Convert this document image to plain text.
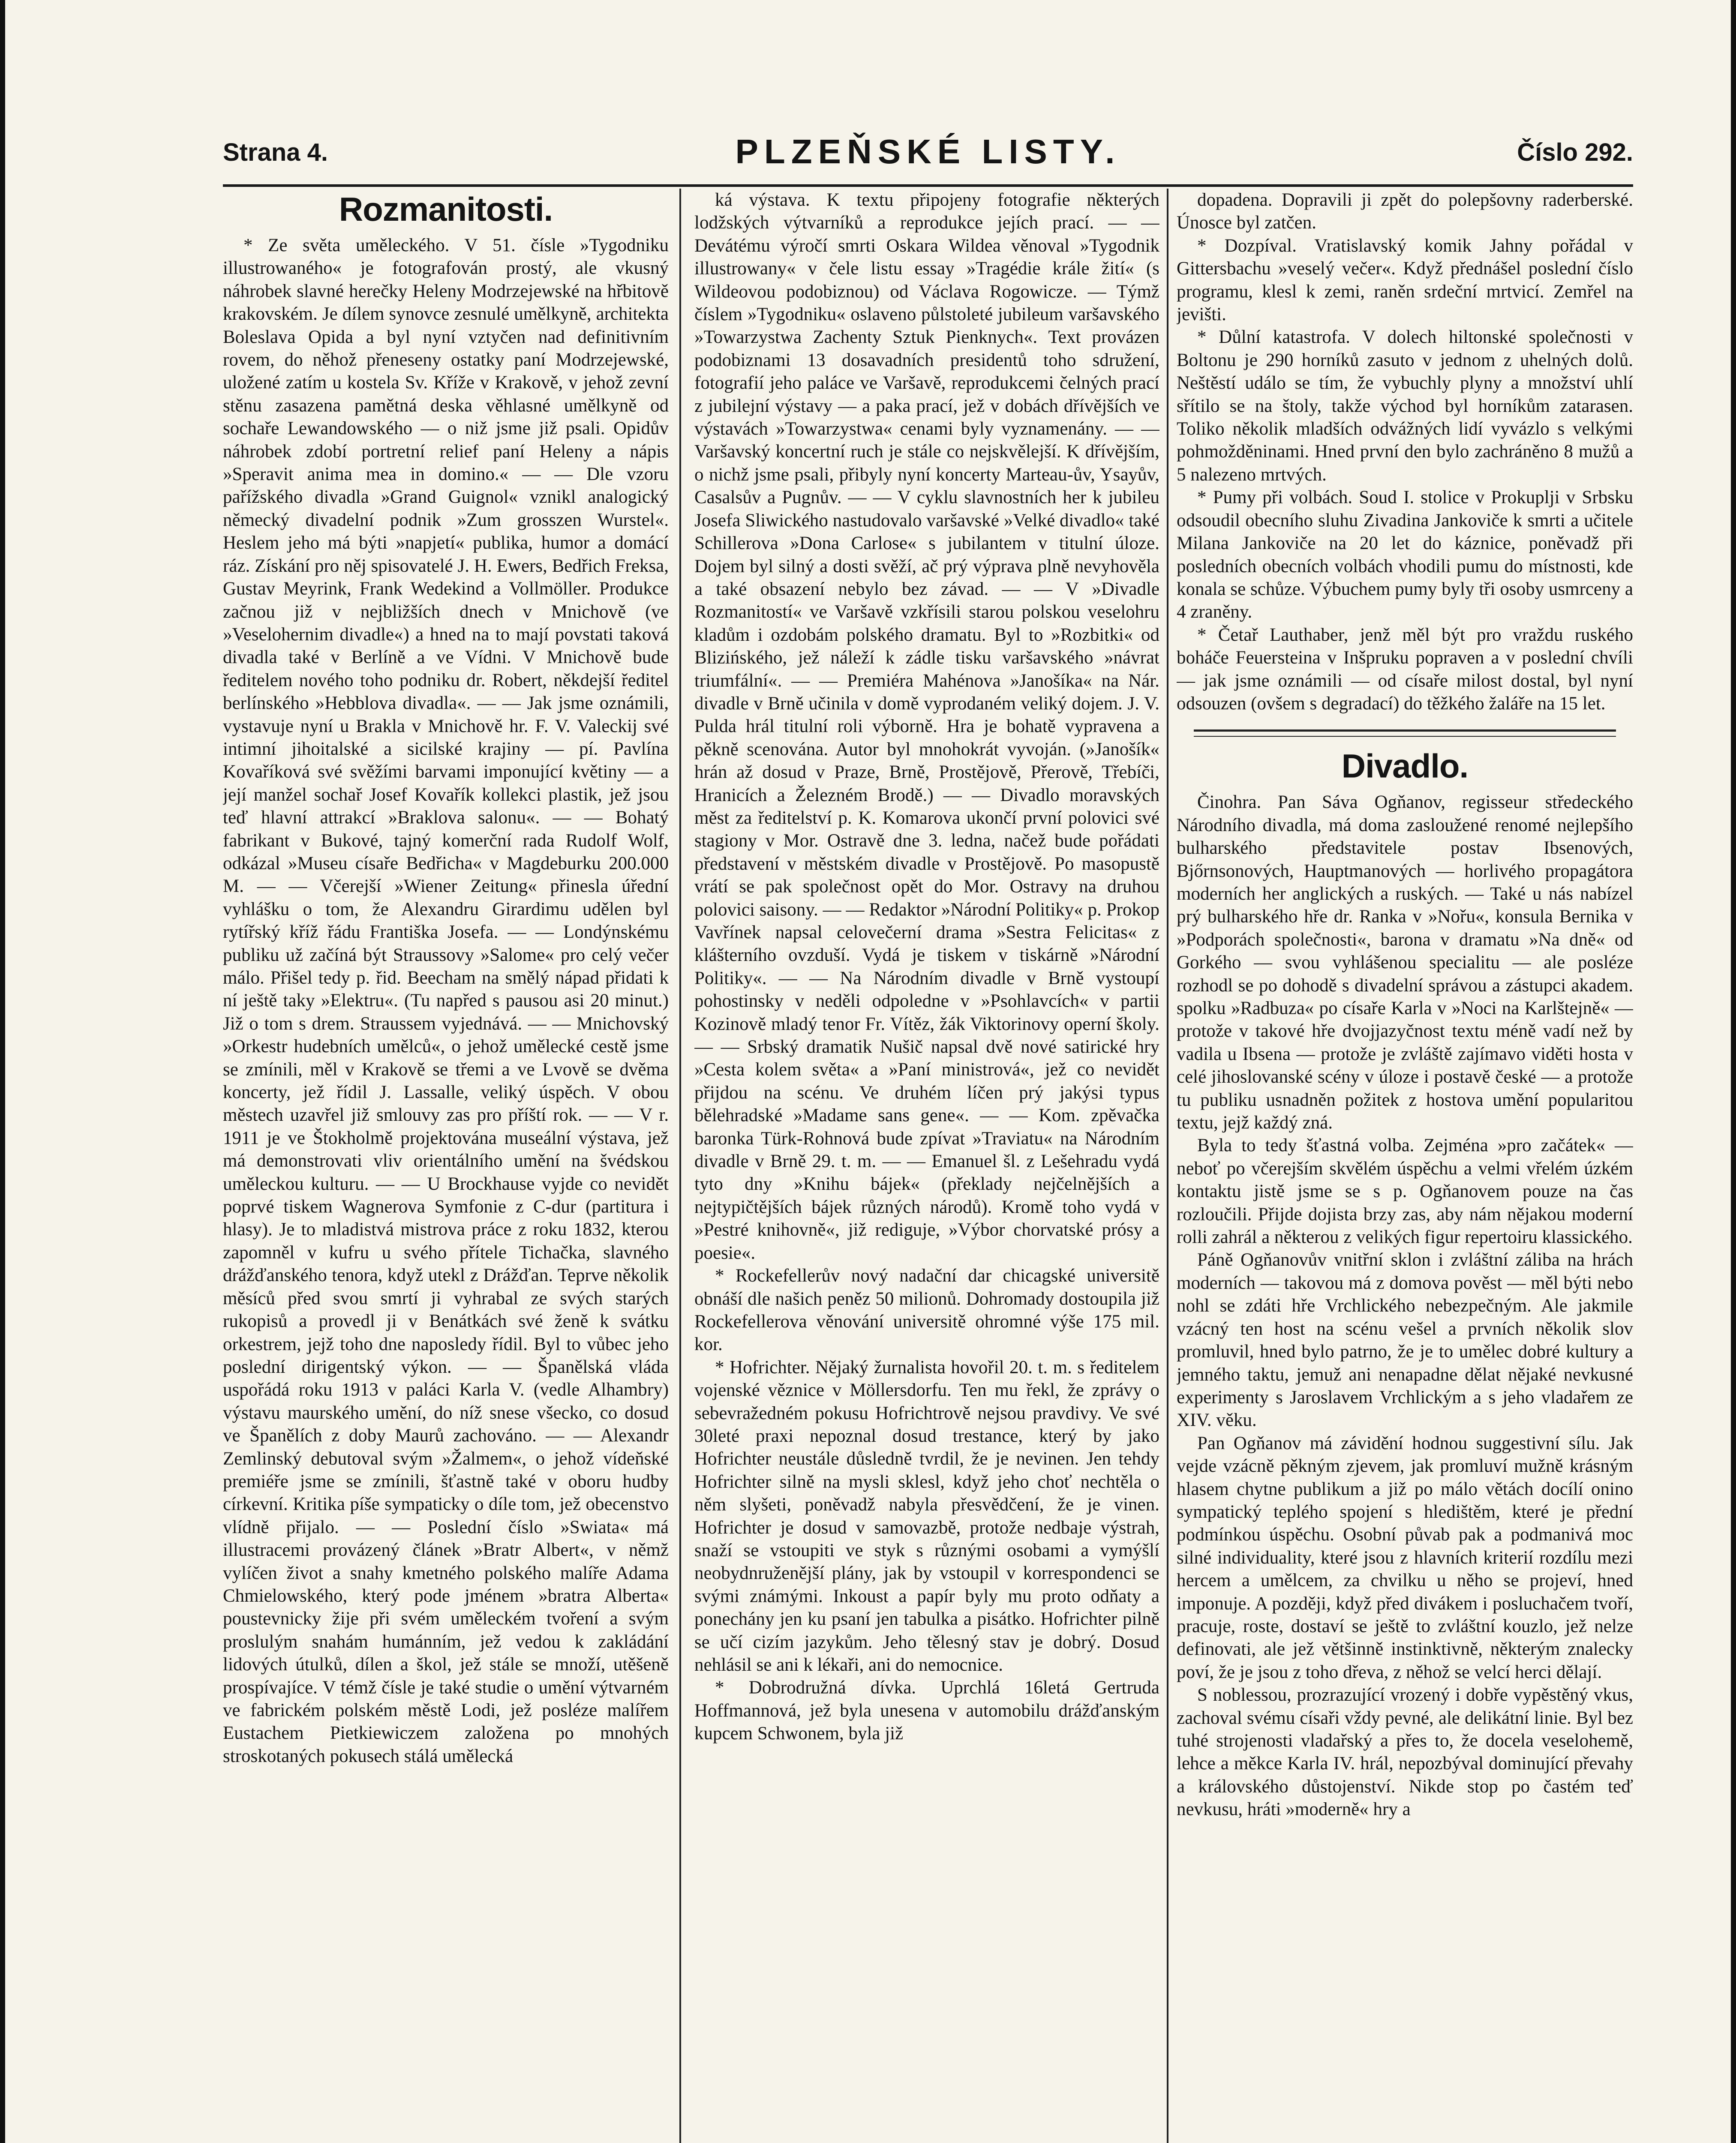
Strana 4.	PLZEŇSKÉ LISTY.	Číslo 292.
Rozmanitosti.

* Ze světa uměleckého. V 51. čísle »Tygodniku illustrowaného« je fotografován prostý, ale vkusný náhrobek slavné herečky Heleny Modrzejewské na hřbitově krakovském. Je dílem synovce zesnulé umělkyně, architekta Boleslava Opida a byl nyní vztyčen nad definitivním rovem, do něhož přeneseny ostatky paní Modrzejewské, uložené zatím u kostela Sv. Kříže v Krakově, v jehož zevní stěnu zasazena pamětná deska věhlasné umělkyně od sochaře Lewandowského — o niž jsme již psali. Opidův náhrobek zdobí portretní relief paní Heleny a nápis »Speravit anima mea in domino.« — — Dle vzoru pařížského divadla »Grand Guignol« vznikl analogický německý divadelní podnik »Zum grosszen Wurstel«. Heslem jeho má býti »napjetí« publika, humor a domácí ráz. Získání pro něj spisovatelé J. H. Ewers, Bedřich Freksa, Gustav Meyrink, Frank Wedekind a Vollmöller. Produkce začnou již v nejbližších dnech v Mnichově (ve »Veselohernim divadle«) a hned na to mají povstati taková divadla také v Berlíně a ve Vídni. V Mnichově bude ředitelem nového toho podniku dr. Robert, někdejší ředitel berlínského »Hebblova divadla«. — — Jak jsme oznámili, vystavuje nyní u Brakla v Mnichově hr. F. V. Valeckij své intimní jihoitalské a sicilské krajiny — pí. Pavlína Kovaříková své svěžími barvami imponující květiny — a její manžel sochař Josef Kovařík kollekci plastik, jež jsou teď hlavní attrakcí »Braklova salonu«. — — Bohatý fabrikant v Bukové, tajný komerční rada Rudolf Wolf, odkázal »Museu císaře Bedřicha« v Magdeburku 200.000 M. — — Včerejší »Wiener Zeitung« přinesla úřední vyhlášku o tom, že Alexandru Girardimu udělen byl rytířský kříž řádu Františka Josefa. — — Londýnskému publiku už začíná být Straussovy »Salome« pro celý večer málo. Přišel tedy p. řid. Beecham na smělý nápad přidati k ní ještě taky »Elektru«. (Tu napřed s pausou asi 20 minut.) Již o tom s drem. Straussem vyjednává. — — Mnichovský »Orkestr hudebních umělců«, o jehož umělecké cestě jsme se zmínili, měl v Krakově se třemi a ve Lvově se dvěma koncerty, jež řídil J. Lassalle, veliký úspěch. V obou městech uzavřel již smlouvy zas pro příští rok. — — V r. 1911 je ve Štokholmě projektována museální výstava, jež má demonstrovati vliv orientálního umění na švédskou uměleckou kulturu. — — U Brockhause vyjde co nevidět poprvé tiskem Wagnerova Symfonie z C-dur (partitura i hlasy). Je to mladistvá mistrova práce z roku 1832, kterou zapomněl v kufru u svého přítele Tichačka, slavného drážďanského tenora, když utekl z Drážďan. Teprve několik měsíců před svou smrtí ji vyhrabal ze svých starých rukopisů a provedl ji v Benátkách své ženě k svátku orkestrem, jejž toho dne naposledy řídil. Byl to vůbec jeho poslední dirigentský výkon. — — Španělská vláda uspořádá roku 1913 v paláci Karla V. (vedle Alhambry) výstavu maurského umění, do níž snese všecko, co dosud ve Španělích z doby Maurů zachováno. — — Alexandr Zemlinský debutoval svým »Žalmem«, o jehož vídeňské premiéře jsme se zmínili, šťastně také v oboru hudby církevní. Kritika píše sympaticky o díle tom, jež obecenstvo vlídně přijalo. — — Poslední číslo »Swiata« má illustracemi provázený článek »Bratr Albert«, v němž vylíčen život a snahy kmetného polského malíře Adama Chmielowského, který pode jménem »bratra Alberta« poustevnicky žije při svém uměleckém tvoření a svým proslulým snahám humánním, jež vedou k zakládání lidových útulků, dílen a škol, jež stále se množí, utěšeně prospívajíce. V témž čísle je také studie o umění výtvarném ve fabrickém polském městě Lodi, jež posléze malířem Eustachem Pietkiewiczem založena po mnohých stroskotaných pokusech stálá umělecká

ká výstava. K textu připojeny fotografie některých lodžských výtvarníků a reprodukce jejích prací. — — Devátému výročí smrti Oskara Wildea věnoval »Tygodnik illustrowany« v čele listu essay »Tragédie krále žití« (s Wildeovou podobiznou) od Václava Rogowicze. — Týmž číslem »Tygodniku« oslaveno půlstoleté jubileum varšavského »Towarzystwa Zachenty Sztuk Pienknych«. Text provázen podobiznami 13 dosavadních presidentů toho sdružení, fotografií jeho paláce ve Varšavě, reprodukcemi čelných prací z jubilejní výstavy — a paka prací, jež v dobách dřívějších ve výstavách »Towarzystwa« cenami byly vyznamenány. — — Varšavský koncertní ruch je stále co nejskvělejší. K dřívějším, o nichž jsme psali, přibyly nyní koncerty Marteau-ův, Ysayův, Casalsův a Pugnův. — — V cyklu slavnostních her k jubileu Josefa Sliwického nastudovalo varšavské »Velké divadlo« také Schillerova »Dona Carlose« s jubilantem v titulní úloze. Dojem byl silný a dosti svěží, ač prý výprava plně nevyhověla a také obsazení nebylo bez závad. — — V »Divadle Rozmanitostí« ve Varšavě vzkřísili starou polskou veselohru kladům i ozdobám polského dramatu. Byl to »Rozbitki« od Blizińského, jež náleží k zádle tisku varšavského »návrat triumfální«. — — Premiéra Mahénova »Janošíka« na Nár. divadle v Brně učinila v domě vyprodaném veliký dojem. J. V. Pulda hrál titulní roli výborně. Hra je bohatě vypravena a pěkně scenována. Autor byl mnohokrát vyvoján. (»Janošík« hrán až dosud v Praze, Brně, Prostějově, Přerově, Třebíči, Hranicích a Železném Brodě.) — — Divadlo moravských měst za ředitelství p. K. Komarova ukončí první polovici své stagiony v Mor. Ostravě dne 3. ledna, načež bude pořádati představení v městském divadle v Prostějově. Po masopustě vrátí se pak společnost opět do Mor. Ostravy na druhou polovici saisony. — — Redaktor »Národní Politiky« p. Prokop Vavřínek napsal celovečerní drama »Sestra Felicitas« z klášterního ovzduší. Vydá je tiskem v tiskárně »Národní Politiky«. — — Na Národním divadle v Brně vystoupí pohostinsky v neděli odpoledne v »Psohlavcích« v partii Kozinově mladý tenor Fr. Vítěz, žák Viktorinovy operní školy. — — Srbský dramatik Nušič napsal dvě nové satirické hry »Cesta kolem světa« a »Paní ministrová«, jež co nevidět přijdou na scénu. Ve druhém líčen prý jakýsi typus bělehradské »Madame sans gene«. — — Kom. zpěvačka baronka Türk-Rohnová bude zpívat »Traviatu« na Národním divadle v Brně 29. t. m. — — Emanuel šl. z Lešehradu vydá tyto dny »Knihu bájek« (překlady nejčelnějších a nejtypičtějších bájek různých národů). Kromě toho vydá v »Pestré knihovně«, již rediguje, »Výbor chorvatské prósy a poesie«.

* Rockefellerův nový nadační dar chicagské universitě obnáší dle našich peněz 50 milionů. Dohromady dostoupila již Rockefellerova věnování universitě ohromné výše 175 mil. kor.

* Hofrichter. Nějaký žurnalista hovořil 20. t. m. s ředitelem vojenské věznice v Möllersdorfu. Ten mu řekl, že zprávy o sebevražedném pokusu Hofrichtrově nejsou pravdivy. Ve své 30leté praxi nepoznal dosud trestance, který by jako Hofrichter neustále důsledně tvrdil, že je nevinen. Jen tehdy Hofrichter silně na mysli sklesl, když jeho choť nechtěla o něm slyšeti, poněvadž nabyla přesvědčení, že je vinen. Hofrichter je dosud v samovazbě, protože nedbaje výstrah, snaží se vstoupiti ve styk s různými osobami a vymýšlí neobydnruženější plány, jak by vstoupil v korrespondenci se svými známými. Inkoust a papír byly mu proto odňaty a ponechány jen ku psaní jen tabulka a pisátko. Hofrichter pilně se učí cizím jazykům. Jeho tělesný stav je dobrý. Dosud nehlásil se ani k lékaři, ani do nemocnice.

* Dobrodružná dívka. Uprchlá 16letá Gertruda Hoffmannová, jež byla unesena v automobilu drážďanským kupcem Schwonem, byla již

dopadena. Dopravili ji zpět do polepšovny raderberské. Únosce byl zatčen.

* Dozpíval. Vratislavský komik Jahny pořádal v Gittersbachu »veselý večer«. Když přednášel poslední číslo programu, klesl k zemi, raněn srdeční mrtvicí. Zemřel na jevišti.

* Důlní katastrofa. V dolech hiltonské společnosti v Boltonu je 290 horníků zasuto v jednom z uhelných dolů. Neštěstí událo se tím, že vybuchly plyny a množství uhlí sřítilo se na štoly, takže východ byl horníkům zatarasen. Toliko několik mladších odvážných lidí vyvázlo s velkými pohmožděninami. Hned první den bylo zachráněno 8 mužů a 5 nalezeno mrtvých.

* Pumy při volbách. Soud I. stolice v Prokuplji v Srbsku odsoudil obecního sluhu Zivadina Jankoviče k smrti a učitele Milana Jankoviče na 20 let do káznice, poněvadž při posledních obecních volbách vhodili pumu do místnosti, kde konala se schůze. Výbuchem pumy byly tři osoby usmrceny a 4 zraněny.

* Četař Lauthaber, jenž měl být pro vraždu ruského boháče Feuersteina v Inšpruku popraven a v poslední chvíli — jak jsme oznámili — od císaře milost dostal, byl nyní odsouzen (ovšem s degradací) do těžkého žaláře na 15 let.

Divadlo.

Činohra. Pan Sáva Ogňanov, regisseur středeckého Národního divadla, má doma zasloužené renomé nejlepšího bulharského představitele postav Ibsenových, Bjőrnsonových, Hauptmanových — horlivého propagátora moderních her anglických a ruských. — Také u nás nabízel prý bulharského hře dr. Ranka v »Nořu«, konsula Bernika v »Podporách společnosti«, barona v dramatu »Na dně« od Gorkého — svou vyhlášenou specialitu — ale posléze rozhodl se po dohodě s divadelní správou a zástupci akadem. spolku »Radbuza« po císaře Karla v »Noci na Karlštejně« — protože v takové hře dvojjazyčnost textu méně vadí než by vadila u Ibsena — protože je zvláště zajímavo viděti hosta v celé jihoslovanské scény v úloze i postavě české — a protože tu publiku usnadněn požitek z hostova umění popularitou textu, jejž každý zná.

Byla to tedy šťastná volba. Zejména »pro začátek« — neboť po včerejším skvělém úspěchu a velmi vřelém úzkém kontaktu jistě jsme se s p. Ogňanovem pouze na čas rozloučili. Přijde dojista brzy zas, aby nám nějakou moderní rolli zahrál a některou z velikých figur repertoiru klassického.

Páně Ogňanovův vnitřní sklon i zvláštní záliba na hrách moderních — takovou má z domova pověst — měl býti nebo nohl se zdáti hře Vrchlického nebezpečným. Ale jakmile vzácný ten host na scénu vešel a prvních několik slov promluvil, hned bylo patrno, že je to umělec dobré kultury a jemného taktu, jemuž ani nenapadne dělat nějaké nevkusné experimenty s Jaroslavem Vrchlickým a s jeho vladařem ze XIV. věku.

Pan Ogňanov má závidění hodnou suggestivní sílu. Jak vejde vzácně pěkným zjevem, jak promluví mužně krásným hlasem chytne publikum a již po málo větách docílí onino sympatický teplého spojení s hledištěm, které je přední podmínkou úspěchu. Osobní půvab pak a podmanivá moc silné individuality, které jsou z hlavních kriterií rozdílu mezi hercem a umělcem, za chvilku u něho se projeví, hned imponuje. A později, když před divákem i posluchačem tvoří, pracuje, roste, dostaví se ještě to zvláštní kouzlo, jež nelze definovati, ale jež většinně instinktivně, některým znalecky poví, že je jsou z toho dřeva, z něhož se velcí herci dělají.

S noblessou, prozrazující vrozený i dobře vypěstěný vkus, zachoval svému císaři vždy pevné, ale delikátní linie. Byl bez tuhé strojenosti vladařský a přes to, že docela veselohemě, lehce a měkce Karla IV. hrál, nepozbýval dominující převahy a královského důstojenství. Nikde stop po častém teď nevkusu, hráti »moderně« hry a
